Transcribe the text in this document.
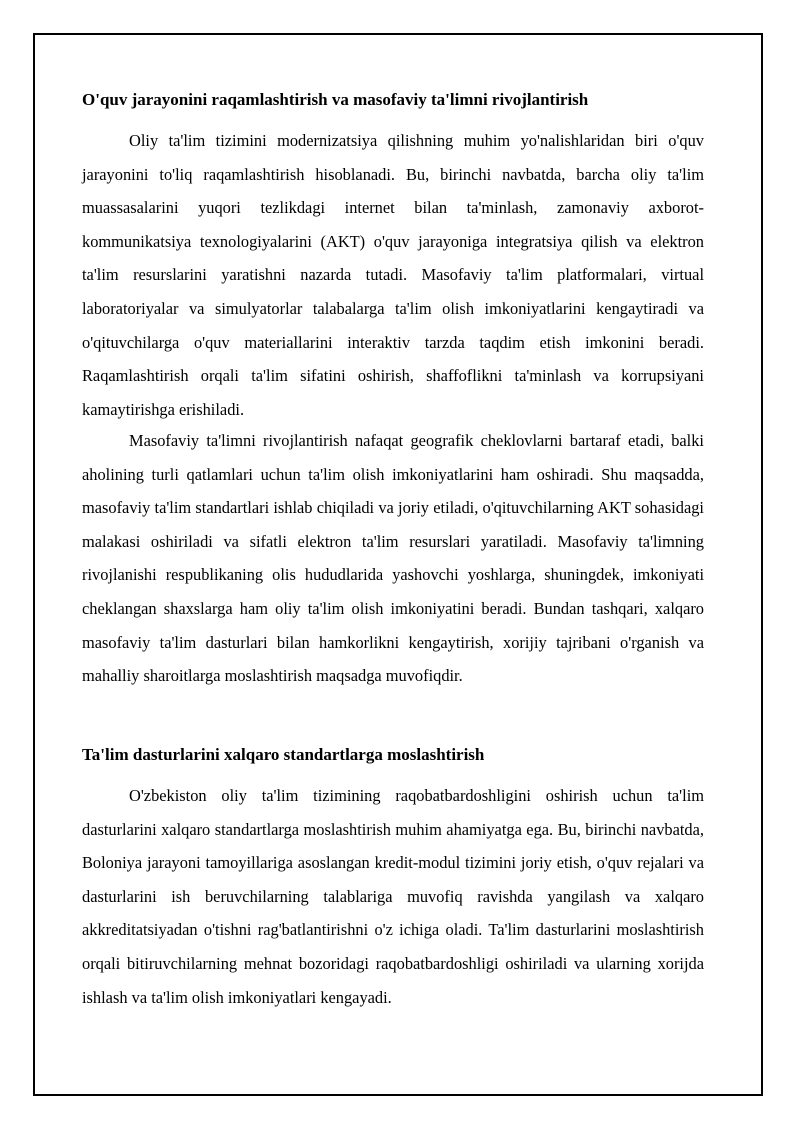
O'quv jarayonini raqamlashtirish va masofaviy ta'limni rivojlantirish

Oliy ta'lim tizimini modernizatsiya qilishning muhim yo'nalishlaridan biri o'quv jarayonini to'liq raqamlashtirish hisoblanadi. Bu, birinchi navbatda, barcha oliy ta'lim muassasalarini yuqori tezlikdagi internet bilan ta'minlash, zamonaviy axborot-kommunikatsiya texnologiyalarini (AKT) o'quv jarayoniga integratsiya qilish va elektron ta'lim resurslarini yaratishni nazarda tutadi. Masofaviy ta'lim platformalari, virtual laboratoriyalar va simulyatorlar talabalarga ta'lim olish imkoniyatlarini kengaytiradi va o'qituvchilarga o'quv materiallarini interaktiv tarzda taqdim etish imkonini beradi. Raqamlashtirish orqali ta'lim sifatini oshirish, shaffoflikni ta'minlash va korrupsiyani kamaytirishga erishiladi.

Masofaviy ta'limni rivojlantirish nafaqat geografik cheklovlarni bartaraf etadi, balki aholining turli qatlamlari uchun ta'lim olish imkoniyatlarini ham oshiradi. Shu maqsadda, masofaviy ta'lim standartlari ishlab chiqiladi va joriy etiladi, o'qituvchilarning AKT sohasidagi malakasi oshiriladi va sifatli elektron ta'lim resurslari yaratiladi. Masofaviy ta'limning rivojlanishi respublikaning olis hududlarida yashovchi yoshlarga, shuningdek, imkoniyati cheklangan shaxslarga ham oliy ta'lim olish imkoniyatini beradi. Bundan tashqari, xalqaro masofaviy ta'lim dasturlari bilan hamkorlikni kengaytirish, xorijiy tajribani o'rganish va mahalliy sharoitlarga moslashtirish maqsadga muvofiqdir.

Ta'lim dasturlarini xalqaro standartlarga moslashtirish

O'zbekiston oliy ta'lim tizimining raqobatbardoshligini oshirish uchun ta'lim dasturlarini xalqaro standartlarga moslashtirish muhim ahamiyatga ega. Bu, birinchi navbatda, Boloniya jarayoni tamoyillariga asoslangan kredit-modul tizimini joriy etish, o'quv rejalari va dasturlarini ish beruvchilarning talablariga muvofiq ravishda yangilash va xalqaro akkreditatsiyadan o'tishni rag'batlantirishni o'z ichiga oladi. Ta'lim dasturlarini moslashtirish orqali bitiruvchilarning mehnat bozoridagi raqobatbardoshligi oshiriladi va ularning xorijda ishlash va ta'lim olish imkoniyatlari kengayadi.
